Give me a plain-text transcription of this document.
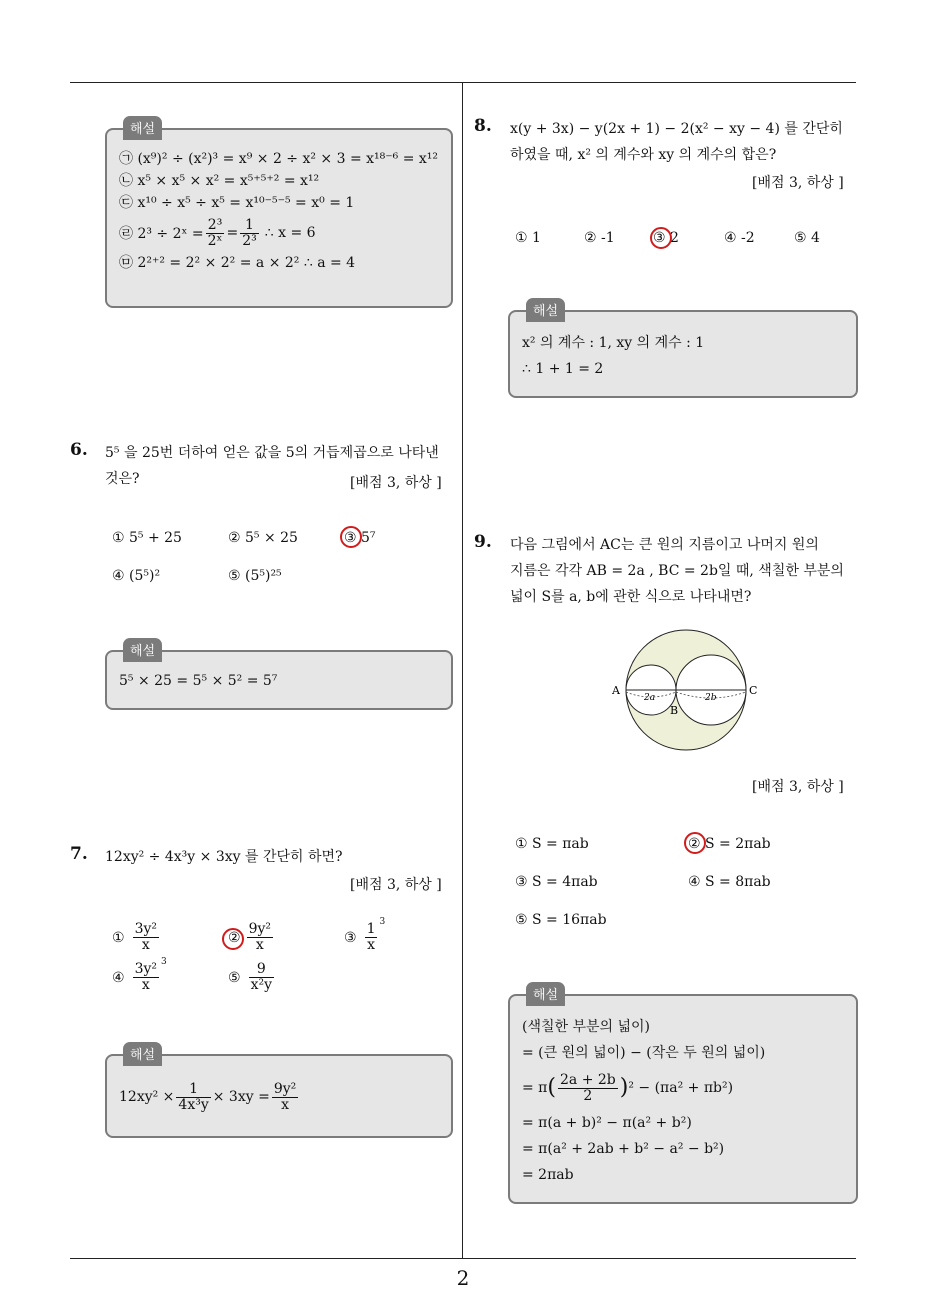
해설
㉠ (x⁹)² ÷ (x²)³ = x⁹ × 2 ÷ x² × 3 = x¹⁸⁻⁶ = x¹²
㉡ x⁵ × x⁵ × x² = x⁵⁺⁵⁺² = x¹²
㉢ x¹⁰ ÷ x⁵ ÷ x⁵ = x¹⁰⁻⁵⁻⁵ = x⁰ = 1
㉣ 2³ ÷ 2ˣ = $\frac{\text{2³}}{\text{2ˣ}} = \frac{1}{\text{2³}}$ ∴ x = 6
㉤ 2²⁺² = 2² × 2² = a × 2² ∴ a = 4
6. 5⁵ 을 25번 더하여 얻은 값을 5의 거듭제곱으로 나타낸
것은?	[배점 3, 하상 ]
① 5⁵ + 25	② 5⁵ × 25	③ 5⁷
④ (5⁵)²	⑤ (5⁵)²⁵
해설
5⁵ × 25 = 5⁵ × 5² = 5⁷
7. 12xy² ÷ 4x³y × 3xy 를 간단히 하면?
[배점 3, 하상 ]
① $\frac{\text{3y²}}{x}$	② $\frac{\text{9y²}}{x}$	③ $\frac{1}{x} 3$
④ $\frac{\text{3y²}}{x} 3$
⑤ $\frac{9}{\text{x²y}}$
해설
$12xy^2 \times \frac{1}{\text{4x³y}} \times 3xy = \frac{\text{9y²}}{x}$
8. x(y + 3x) − y(2x + 1) − 2(x² − xy − 4) 를 간단히
하였을 때, x² 의 계수와 xy 의 계수의 합은?
[배점 3, 하상 ]
① 1	② -1	③ 2	④ -2	⑤ 4
해설
x² 의 계수 : 1, xy 의 계수 : 1
∴ 1 + 1 = 2
9. 다음 그림에서 AC는 큰 원의 지름이고 나머지 원의
지름은 각각 AB = 2a , BC = 2b일 때, 색칠한 부분의
넓이 S를 a, b에 관한 식으로 나타내면?
A
B
C
2a	2b
[배점 3, 하상 ]
① S = πab	② S = 2πab
③ S = 4πab	④ S = 8πab
⑤ S = 16πab
해설
(색칠한 부분의 넓이)
= (큰 원의 넓이) − (작은 두 원의 넓이)
= π ( $\frac{2a + 2b}{2}$ ) ² − (πa² + πb²)
= π(a + b)² − π(a² + b²)
= π(a² + 2ab + b² − a² − b²)
= 2πab
2
